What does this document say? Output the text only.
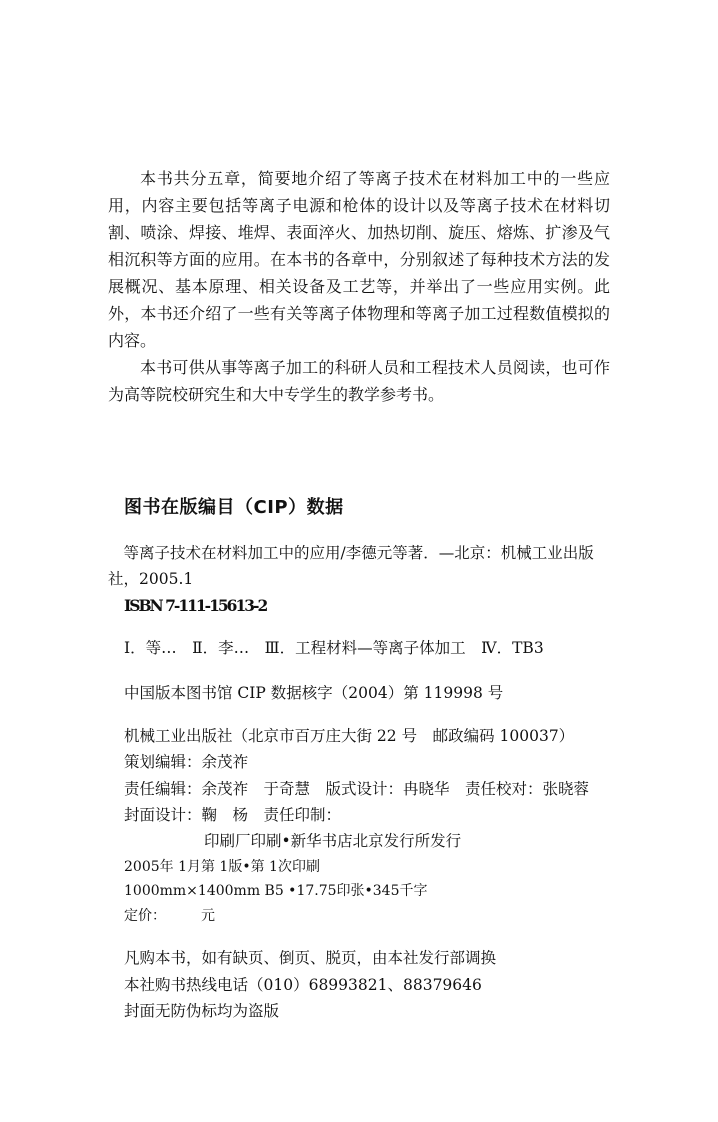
本书共分五章，简要地介绍了等离子技术在材料加工中的一些应用，内容主要包括等离子电源和枪体的设计以及等离子技术在材料切割、喷涂、焊接、堆焊、表面淬火、加热切削、旋压、熔炼、扩渗及气相沉积等方面的应用。在本书的各章中，分别叙述了每种技术方法的发展概况、基本原理、相关设备及工艺等，并举出了一些应用实例。此外，本书还介绍了一些有关等离子体物理和等离子加工过程数值模拟的内容。

本书可供从事等离子加工的科研人员和工程技术人员阅读，也可作为高等院校研究生和大中专学生的教学参考书。

图书在版编目（CIP）数据
等离子技术在材料加工中的应用/李德元等著．—北京：机械工业出版社，2005.1
ISBN 7-111-15613-2
Ⅰ．等…　Ⅱ．李…　Ⅲ．工程材料—等离子体加工　Ⅳ．TB3
中国版本图书馆 CIP 数据核字（2004）第 119998 号
机械工业出版社（北京市百万庄大街 22 号　邮政编码 100037）
策划编辑：余茂祚
责任编辑：余茂祚　于奇慧　版式设计：冉晓华　责任校对：张晓蓉
封面设计：鞠　杨　责任印制：
印刷厂印刷•新华书店北京发行所发行
2005年 1月第 1版•第 1次印刷
1000mm×1400mm B5 •17.75印张•345千字
定价：　　　元
凡购本书，如有缺页、倒页、脱页，由本社发行部调换
本社购书热线电话（010）68993821、88379646
封面无防伪标均为盗版
